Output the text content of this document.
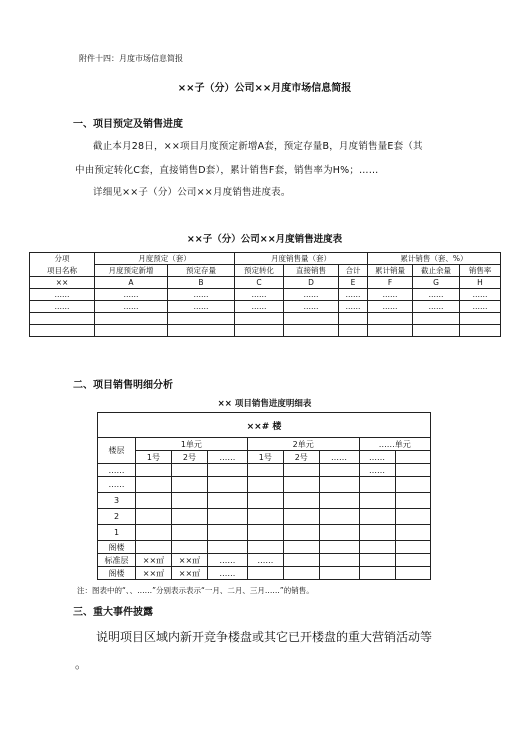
附件十四：月度市场信息简报
××子（分）公司××月度市场信息简报
一、项目预定及销售进度
截止本月28日，××项目月度预定新增A套，预定存量B，月度销售量E套（其
中由预定转化C套，直接销售D套），累计销售F套，销售率为H%；……
详细见××子（分）公司××月度销售进度表。
××子（分）公司××月度销售进度表
分项	月度预定（套）		月度销售量（套）			累计销售（套、%）		
项目名称	月度预定新增	预定存量	预定转化	直接销售	合计	累计销量	截止余量	销售率
××	A	B	C	D	E	F	G	H
……	……	……	……	……	……	……	……	……
……	……	……	……	……	……	……	……	……

二、项目销售明细分析
×× 项目销售进度明细表
××# 楼								
楼层	1单元			2单元			……单元	
	1号	2号	……	1号	2号	……	……	
……							……	
……								
3								
2								
1								
阁楼								
标准层	××㎡	××㎡	……	……				
阁楼	××㎡	××㎡	……					
注：图表中的“、、……”分别表示表示“一月、二月、三月……”的销售。
三、重大事件披露
说明项目区域内新开竞争楼盘或其它已开楼盘的重大营销活动等
。
